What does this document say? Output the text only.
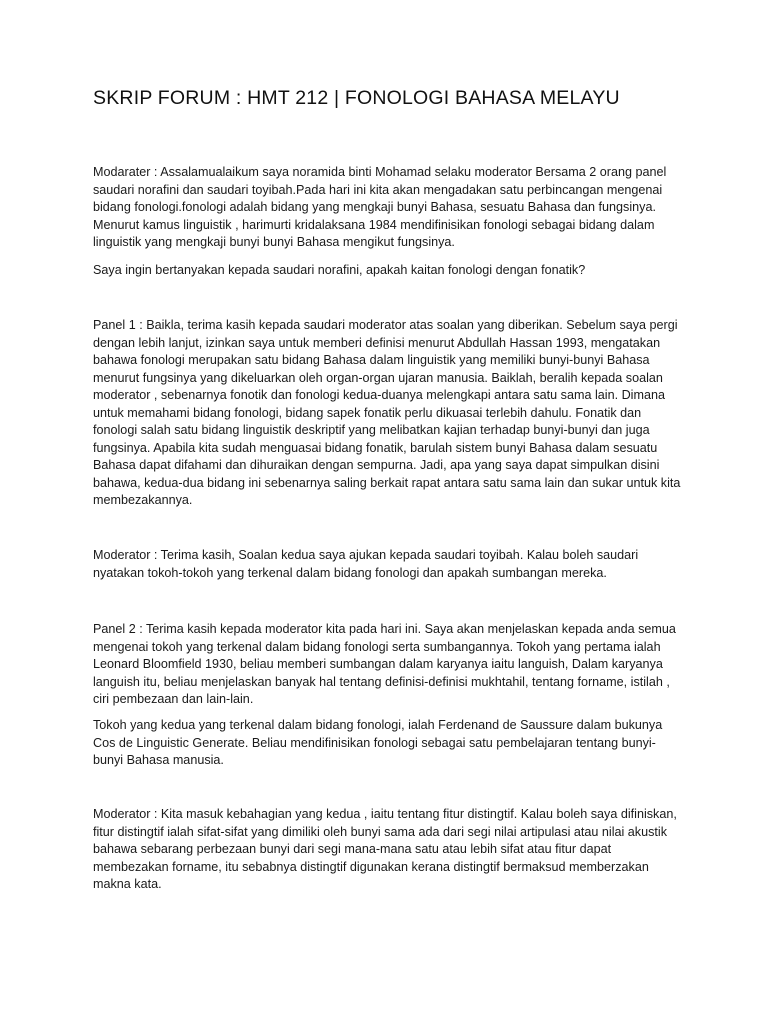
SKRIP FORUM : HMT 212 | FONOLOGI BAHASA MELAYU

Modarater : Assalamualaikum saya noramida binti Mohamad selaku moderator Bersama 2 orang panel saudari norafini dan saudari toyibah.Pada hari ini kita akan mengadakan satu perbincangan mengenai bidang fonologi.fonologi adalah bidang yang mengkaji bunyi Bahasa, sesuatu Bahasa dan fungsinya. Menurut kamus linguistik , harimurti kridalaksana 1984 mendifinisikan fonologi sebagai bidang dalam linguistik yang mengkaji bunyi bunyi Bahasa mengikut fungsinya.

Saya ingin bertanyakan kepada saudari norafini, apakah kaitan fonologi dengan fonatik?

Panel 1 : Baikla, terima kasih kepada saudari moderator atas soalan yang diberikan. Sebelum saya pergi dengan lebih lanjut, izinkan saya untuk memberi definisi menurut Abdullah Hassan 1993, mengatakan bahawa fonologi merupakan satu bidang Bahasa dalam linguistik yang memiliki bunyi-bunyi Bahasa menurut fungsinya yang dikeluarkan oleh organ-organ ujaran manusia. Baiklah, beralih kepada soalan moderator , sebenarnya fonotik dan fonologi kedua-duanya melengkapi antara satu sama lain. Dimana untuk memahami bidang fonologi, bidang sapek fonatik perlu dikuasai terlebih dahulu. Fonatik dan fonologi salah satu bidang linguistik deskriptif yang melibatkan kajian terhadap bunyi-bunyi dan juga fungsinya. Apabila kita sudah menguasai bidang fonatik, barulah sistem bunyi Bahasa dalam sesuatu Bahasa dapat difahami dan dihuraikan dengan sempurna. Jadi, apa yang saya dapat simpulkan disini bahawa, kedua-dua bidang ini sebenarnya saling berkait rapat antara satu sama lain dan sukar untuk kita membezakannya.

Moderator : Terima kasih, Soalan kedua saya ajukan kepada saudari toyibah. Kalau boleh saudari nyatakan tokoh-tokoh yang terkenal dalam bidang fonologi dan apakah sumbangan mereka.

Panel 2 : Terima kasih kepada moderator kita pada hari ini. Saya akan menjelaskan kepada anda semua mengenai tokoh yang terkenal dalam bidang fonologi serta sumbangannya. Tokoh yang pertama ialah Leonard Bloomfield 1930, beliau memberi sumbangan dalam karyanya iaitu languish, Dalam karyanya languish itu, beliau menjelaskan banyak hal tentang definisi-definisi mukhtahil, tentang forname, istilah , ciri pembezaan dan lain-lain.

Tokoh yang kedua yang terkenal dalam bidang fonologi, ialah Ferdenand de Saussure dalam bukunya Cos de Linguistic Generate. Beliau mendifinisikan fonologi sebagai satu pembelajaran tentang bunyi-bunyi Bahasa manusia.

Moderator : Kita masuk kebahagian yang kedua , iaitu tentang fitur distingtif. Kalau boleh saya difiniskan, fitur distingtif ialah sifat-sifat yang dimiliki oleh bunyi sama ada dari segi nilai artipulasi atau nilai akustik bahawa sebarang perbezaan bunyi dari segi mana-mana satu atau lebih sifat atau fitur dapat membezakan forname, itu sebabnya distingtif digunakan kerana distingtif bermaksud memberzakan makna kata.
